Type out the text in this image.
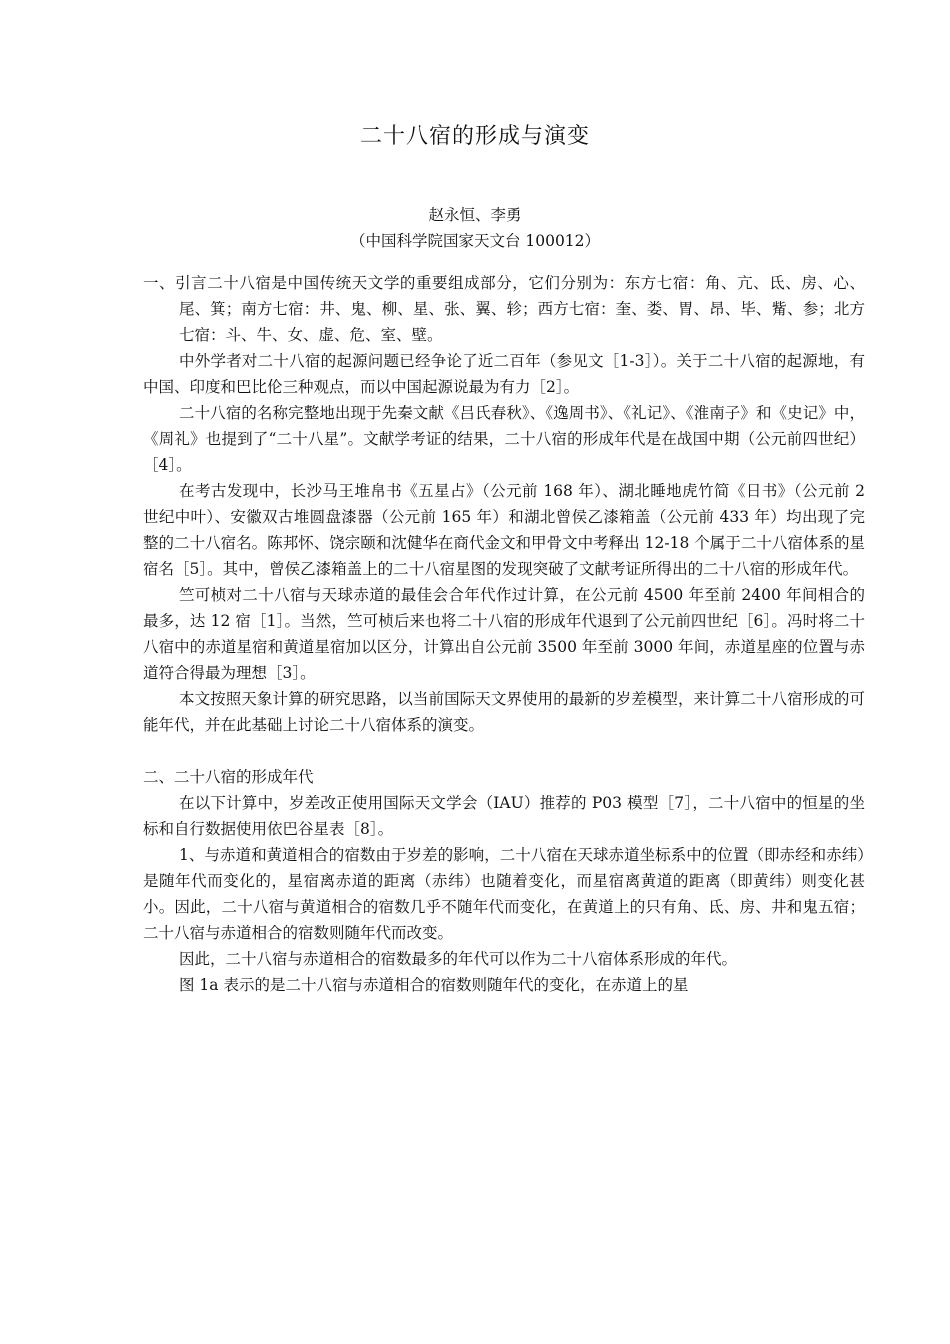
二十八宿的形成与演变
赵永恒、李勇
（中国科学院国家天文台 100012）

一、引言二十八宿是中国传统天文学的重要组成部分，它们分别为：东方七宿：角、亢、氐、房、心、尾、箕；南方七宿：井、鬼、柳、星、张、翼、轸；西方七宿：奎、娄、胃、昂、毕、觜、参；北方七宿：斗、牛、女、虚、危、室、壁。

中外学者对二十八宿的起源问题已经争论了近二百年（参见文［1-3］）。关于二十八宿的起源地，有中国、印度和巴比伦三种观点，而以中国起源说最为有力［2］。

二十八宿的名称完整地出现于先秦文献《吕氏春秋》、《逸周书》、《礼记》、《淮南子》和《史记》中，《周礼》也提到了“二十八星”。文献学考证的结果，二十八宿的形成年代是在战国中期（公元前四世纪）［4］。

在考古发现中，长沙马王堆帛书《五星占》（公元前 168 年）、湖北睡地虎竹简《日书》（公元前 2 世纪中叶）、安徽双古堆圆盘漆器（公元前 165 年）和湖北曾侯乙漆箱盖（公元前 433 年）均出现了完整的二十八宿名。陈邦怀、饶宗颐和沈健华在商代金文和甲骨文中考释出 12-18 个属于二十八宿体系的星宿名［5］。其中，曾侯乙漆箱盖上的二十八宿星图的发现突破了文献考证所得出的二十八宿的形成年代。

竺可桢对二十八宿与天球赤道的最佳会合年代作过计算，在公元前 4500 年至前 2400 年间相合的最多，达 12 宿［1］。当然，竺可桢后来也将二十八宿的形成年代退到了公元前四世纪［6］。冯时将二十八宿中的赤道星宿和黄道星宿加以区分，计算出自公元前 3500 年至前 3000 年间，赤道星座的位置与赤道符合得最为理想［3］。

本文按照天象计算的研究思路，以当前国际天文界使用的最新的岁差模型，来计算二十八宿形成的可能年代，并在此基础上讨论二十八宿体系的演变。

二、二十八宿的形成年代

在以下计算中，岁差改正使用国际天文学会（IAU）推荐的 P03 模型［7］，二十八宿中的恒星的坐标和自行数据使用依巴谷星表［8］。

1、与赤道和黄道相合的宿数由于岁差的影响，二十八宿在天球赤道坐标系中的位置（即赤经和赤纬）是随年代而变化的，星宿离赤道的距离（赤纬）也随着变化，而星宿离黄道的距离（即黄纬）则变化甚小。因此，二十八宿与黄道相合的宿数几乎不随年代而变化，在黄道上的只有角、氐、房、井和鬼五宿；二十八宿与赤道相合的宿数则随年代而改变。

因此，二十八宿与赤道相合的宿数最多的年代可以作为二十八宿体系形成的年代。

图 1a 表示的是二十八宿与赤道相合的宿数则随年代的变化，在赤道上的星
